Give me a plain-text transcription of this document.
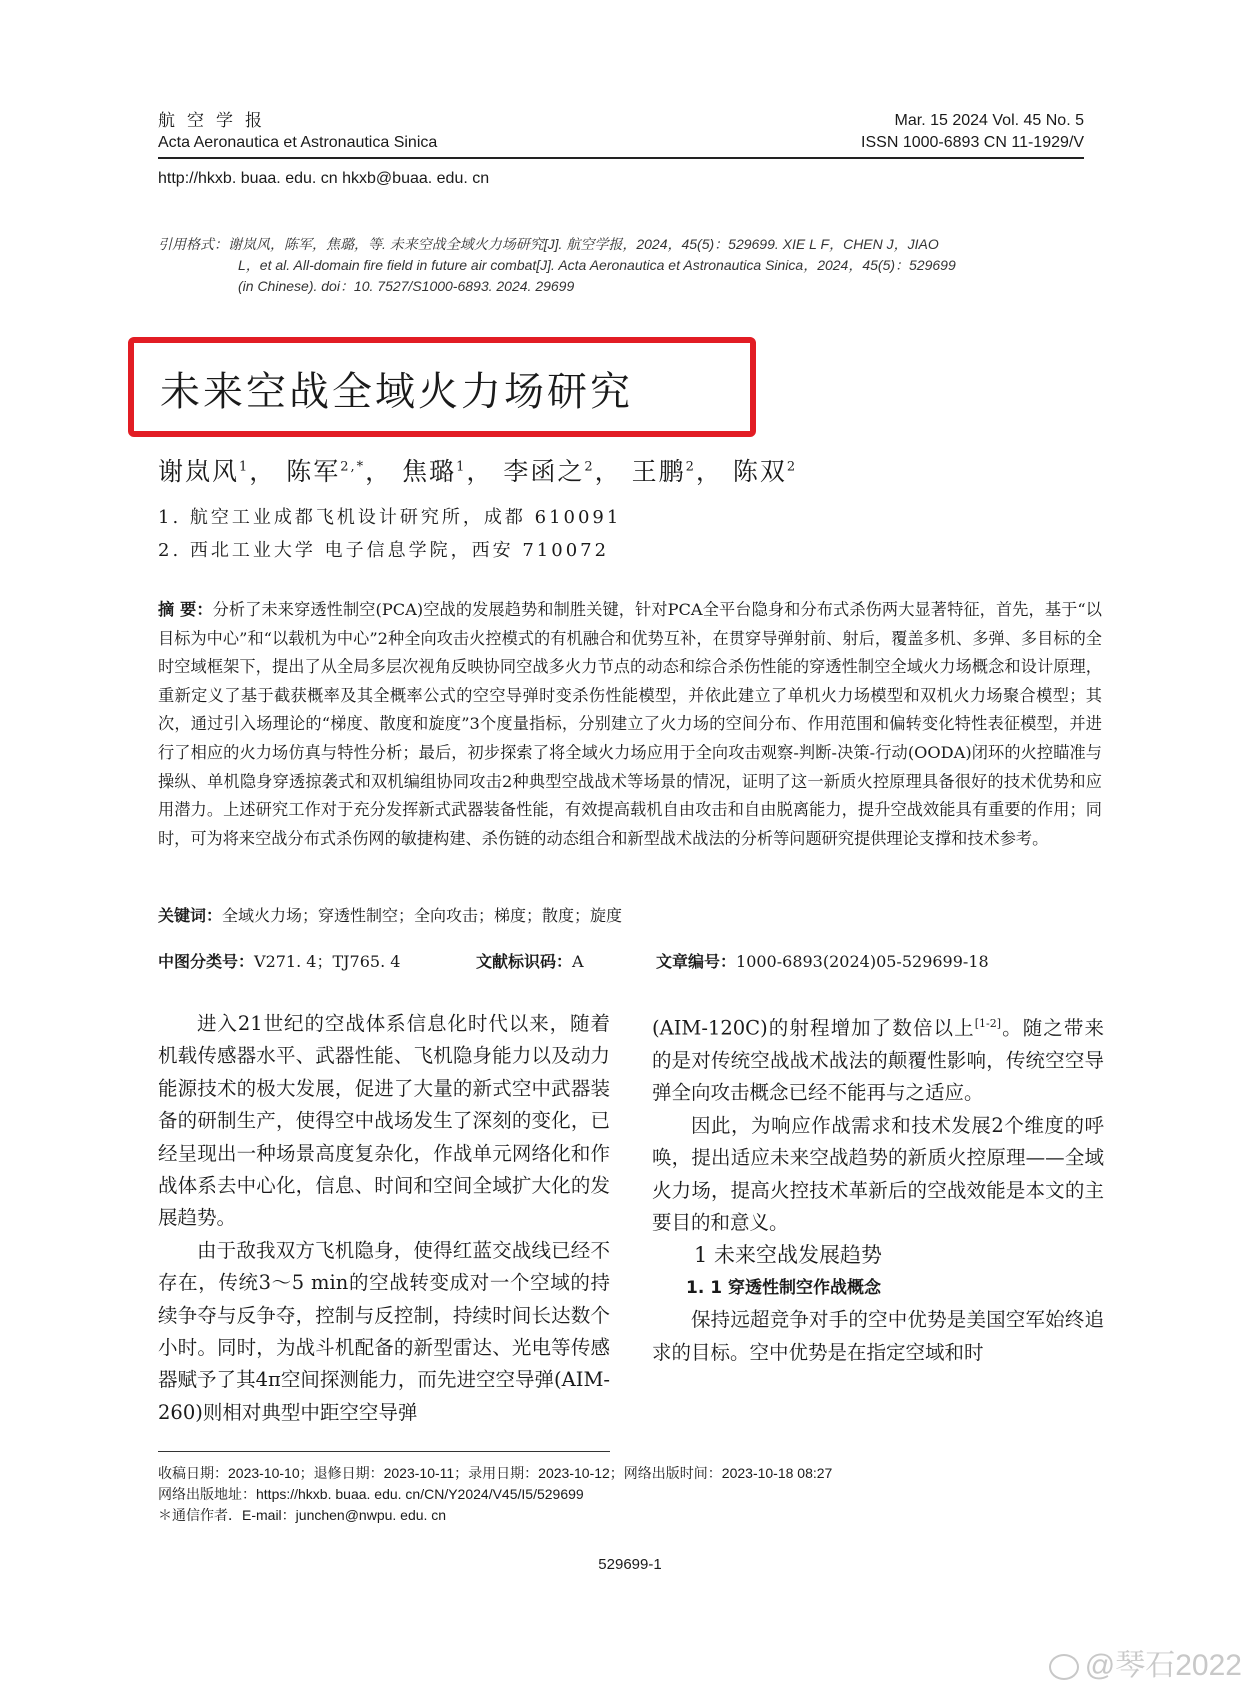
航空学报
Acta Aeronautica et Astronautica Sinica
Mar. 15 2024 Vol. 45 No. 5
ISSN 1000-6893 CN 11-1929/V
http://hkxb. buaa. edu. cn hkxb@buaa. edu. cn
引用格式：谢岚风，陈军，焦璐，等. 未来空战全域火力场研究[J]. 航空学报，2024，45(5)：529699. XIE L F，CHEN J，JIAO
L，et al. All-domain fire field in future air combat[J]. Acta Aeronautica et Astronautica Sinica，2024，45(5)：529699
(in Chinese). doi：10. 7527/S1000-6893. 2024. 29699
未来空战全域火力场研究
谢岚风$^1$， 陈军$^{2,*}$， 焦璐$^1$， 李函之$^2$， 王鹏$^2$， 陈双$^2$
1. 航空工业成都飞机设计研究所，成都 610091
2. 西北工业大学 电子信息学院，西安 710072
摘 要：分析了未来穿透性制空(PCA)空战的发展趋势和制胜关键，针对PCA全平台隐身和分布式杀伤两大显著特征，首先，基于“以目标为中心”和“以载机为中心”2种全向攻击火控模式的有机融合和优势互补，在贯穿导弹射前、射后，覆盖多机、多弹、多目标的全时空域框架下，提出了从全局多层次视角反映协同空战多火力节点的动态和综合杀伤性能的穿透性制空全域火力场概念和设计原理，重新定义了基于截获概率及其全概率公式的空空导弹时变杀伤性能模型，并依此建立了单机火力场模型和双机火力场聚合模型；其次，通过引入场理论的“梯度、散度和旋度”3个度量指标，分别建立了火力场的空间分布、作用范围和偏转变化特性表征模型，并进行了相应的火力场仿真与特性分析；最后，初步探索了将全域火力场应用于全向攻击观察-判断-决策-行动(OODA)闭环的火控瞄准与操纵、单机隐身穿透掠袭式和双机编组协同攻击2种典型空战战术等场景的情况，证明了这一新质火控原理具备很好的技术优势和应用潜力。上述研究工作对于充分发挥新式武器装备性能，有效提高载机自由攻击和自由脱离能力，提升空战效能具有重要的作用；同时，可为将来空战分布式杀伤网的敏捷构建、杀伤链的动态组合和新型战术战法的分析等问题研究提供理论支撑和技术参考。
关键词：全域火力场；穿透性制空；全向攻击；梯度；散度；旋度
中图分类号：V271. 4；TJ765. 4	文献标识码：A	文章编号：1000-6893(2024)05-529699-18

进入21世纪的空战体系信息化时代以来，随着机载传感器水平、武器性能、飞机隐身能力以及动力能源技术的极大发展，促进了大量的新式空中武器装备的研制生产，使得空中战场发生了深刻的变化，已经呈现出一种场景高度复杂化，作战单元网络化和作战体系去中心化，信息、时间和空间全域扩大化的发展趋势。

由于敌我双方飞机隐身，使得红蓝交战线已经不存在，传统3～5 min的空战转变成对一个空域的持续争夺与反争夺，控制与反控制，持续时间长达数个小时。同时，为战斗机配备的新型雷达、光电等传感器赋予了其4π空间探测能力，而先进空空导弹(AIM-260)则相对典型中距空空导弹

(AIM-120C)的射程增加了数倍以上[1-2]。随之带来的是对传统空战战术战法的颠覆性影响，传统空空导弹全向攻击概念已经不能再与之适应。

因此，为响应作战需求和技术发展2个维度的呼唤，提出适应未来空战趋势的新质火控原理——全域火力场，提高火控技术革新后的空战效能是本文的主要目的和意义。

1 未来空战发展趋势

1. 1 穿透性制空作战概念

保持远超竞争对手的空中优势是美国空军始终追求的目标。空中优势是在指定空域和时

收稿日期：2023-10-10；退修日期：2023-10-11；录用日期：2023-10-12；网络出版时间：2023-10-18 08:27
网络出版地址：https://hkxb. buaa. edu. cn/CN/Y2024/V45/I5/529699
＊通信作者．E-mail：junchen@nwpu. edu. cn
529699-1
@琴石2022
